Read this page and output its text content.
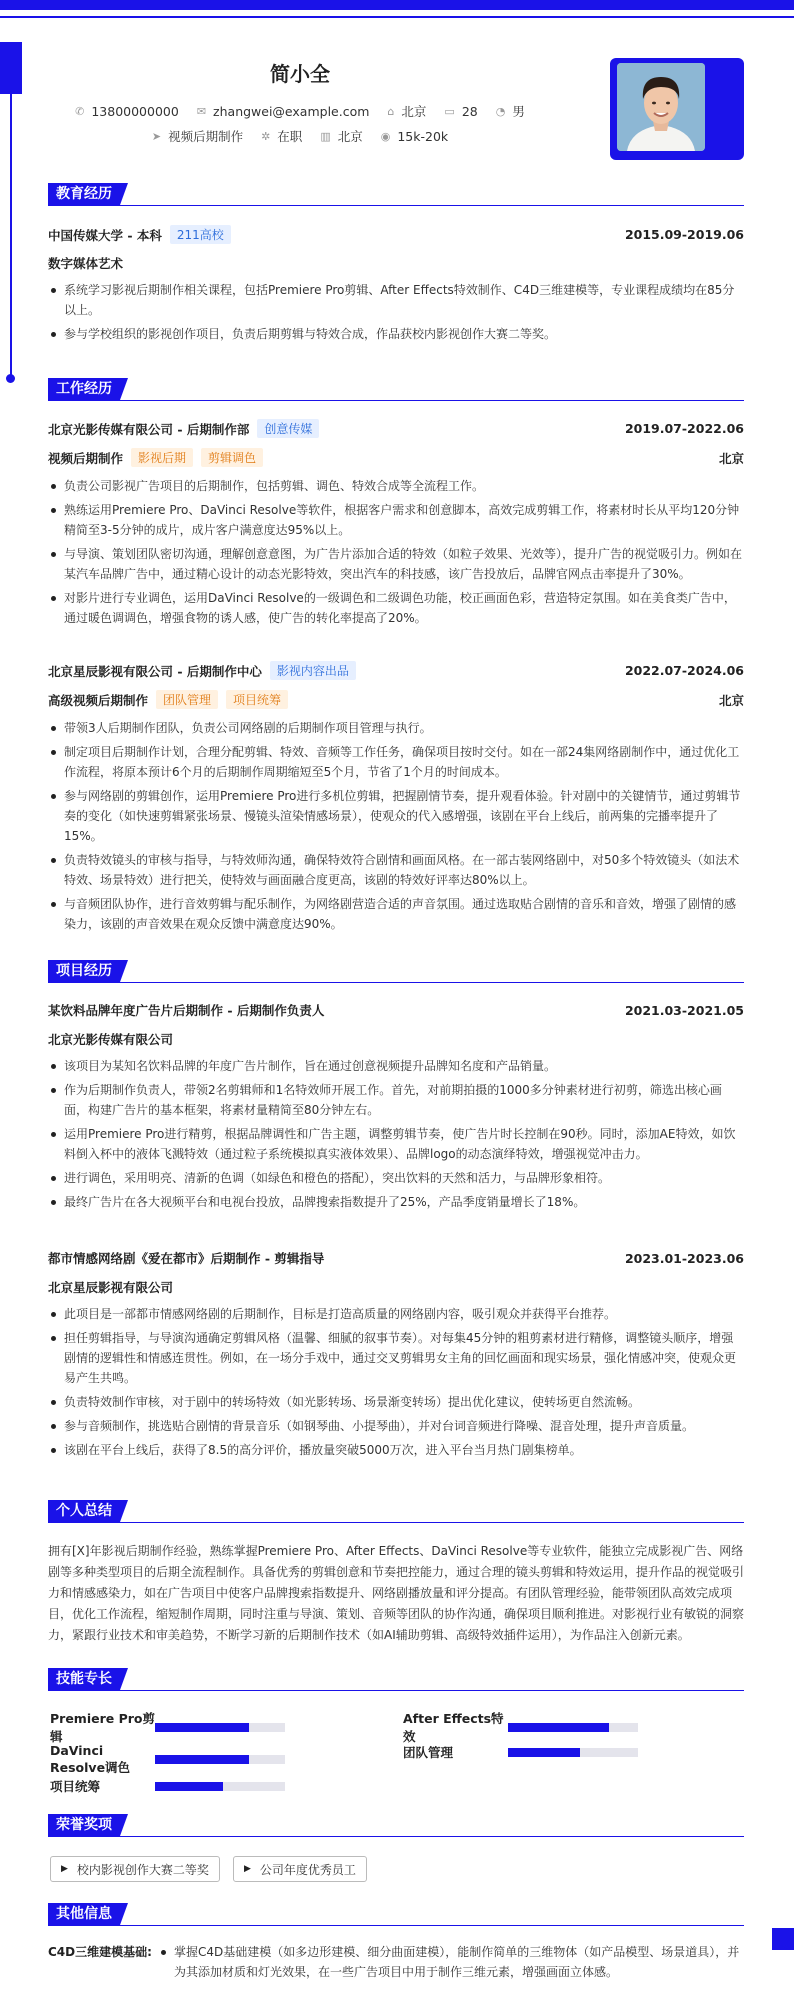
简小全
✆ 13800000000 ✉ zhangwei@example.com ⌂ 北京 ▭ 28 ◔ 男
➤ 视频后期制作 ✲ 在职 ▥ 北京 ◉ 15k-20k
教育经历
中国传媒大学 - 本科	211高校	2015.09-2019.06
数字媒体艺术
系统学习影视后期制作相关课程，包括Premiere Pro剪辑、After Effects特效制作、C4D三维建模等，专业课程成绩均在85分以上。
参与学校组织的影视创作项目，负责后期剪辑与特效合成，作品获校内影视创作大赛二等奖。
工作经历
北京光影传媒有限公司 - 后期制作部	创意传媒	2019.07-2022.06
视频后期制作	影视后期	剪辑调色	北京
负责公司影视广告项目的后期制作，包括剪辑、调色、特效合成等全流程工作。
熟练运用Premiere Pro、DaVinci Resolve等软件，根据客户需求和创意脚本，高效完成剪辑工作，将素材时长从平均120分钟精简至3-5分钟的成片，成片客户满意度达95%以上。
与导演、策划团队密切沟通，理解创意意图，为广告片添加合适的特效（如粒子效果、光效等），提升广告的视觉吸引力。例如在某汽车品牌广告中，通过精心设计的动态光影特效，突出汽车的科技感，该广告投放后，品牌官网点击率提升了30%。
对影片进行专业调色，运用DaVinci Resolve的一级调色和二级调色功能，校正画面色彩，营造特定氛围。如在美食类广告中，通过暖色调调色，增强食物的诱人感，使广告的转化率提高了20%。
北京星辰影视有限公司 - 后期制作中心	影视内容出品	2022.07-2024.06
高级视频后期制作	团队管理	项目统筹	北京
带领3人后期制作团队，负责公司网络剧的后期制作项目管理与执行。
制定项目后期制作计划，合理分配剪辑、特效、音频等工作任务，确保项目按时交付。如在一部24集网络剧制作中，通过优化工作流程，将原本预计6个月的后期制作周期缩短至5个月，节省了1个月的时间成本。
参与网络剧的剪辑创作，运用Premiere Pro进行多机位剪辑，把握剧情节奏，提升观看体验。针对剧中的关键情节，通过剪辑节奏的变化（如快速剪辑紧张场景、慢镜头渲染情感场景），使观众的代入感增强，该剧在平台上线后，前两集的完播率提升了15%。
负责特效镜头的审核与指导，与特效师沟通，确保特效符合剧情和画面风格。在一部古装网络剧中，对50多个特效镜头（如法术特效、场景特效）进行把关，使特效与画面融合度更高，该剧的特效好评率达80%以上。
与音频团队协作，进行音效剪辑与配乐制作，为网络剧营造合适的声音氛围。通过选取贴合剧情的音乐和音效，增强了剧情的感染力，该剧的声音效果在观众反馈中满意度达90%。
项目经历
某饮料品牌年度广告片后期制作 - 后期制作负责人	2021.03-2021.05
北京光影传媒有限公司
该项目为某知名饮料品牌的年度广告片制作，旨在通过创意视频提升品牌知名度和产品销量。
作为后期制作负责人，带领2名剪辑师和1名特效师开展工作。首先，对前期拍摄的1000多分钟素材进行初剪，筛选出核心画面，构建广告片的基本框架，将素材量精简至80分钟左右。
运用Premiere Pro进行精剪，根据品牌调性和广告主题，调整剪辑节奏，使广告片时长控制在90秒。同时，添加AE特效，如饮料倒入杯中的液体飞溅特效（通过粒子系统模拟真实液体效果）、品牌logo的动态演绎特效，增强视觉冲击力。
进行调色，采用明亮、清新的色调（如绿色和橙色的搭配），突出饮料的天然和活力，与品牌形象相符。
最终广告片在各大视频平台和电视台投放，品牌搜索指数提升了25%，产品季度销量增长了18%。
都市情感网络剧《爱在都市》后期制作 - 剪辑指导	2023.01-2023.06
北京星辰影视有限公司
此项目是一部都市情感网络剧的后期制作，目标是打造高质量的网络剧内容，吸引观众并获得平台推荐。
担任剪辑指导，与导演沟通确定剪辑风格（温馨、细腻的叙事节奏）。对每集45分钟的粗剪素材进行精修，调整镜头顺序，增强剧情的逻辑性和情感连贯性。例如，在一场分手戏中，通过交叉剪辑男女主角的回忆画面和现实场景，强化情感冲突，使观众更易产生共鸣。
负责特效制作审核，对于剧中的转场特效（如光影转场、场景渐变转场）提出优化建议，使转场更自然流畅。
参与音频制作，挑选贴合剧情的背景音乐（如钢琴曲、小提琴曲），并对台词音频进行降噪、混音处理，提升声音质量。
该剧在平台上线后，获得了8.5的高分评价，播放量突破5000万次，进入平台当月热门剧集榜单。
个人总结
拥有[X]年影视后期制作经验，熟练掌握Premiere Pro、After Effects、DaVinci Resolve等专业软件，能独立完成影视广告、网络剧等多种类型项目的后期全流程制作。具备优秀的剪辑创意和节奏把控能力，通过合理的镜头剪辑和特效运用，提升作品的视觉吸引力和情感感染力，如在广告项目中使客户品牌搜索指数提升、网络剧播放量和评分提高。有团队管理经验，能带领团队高效完成项目，优化工作流程，缩短制作周期，同时注重与导演、策划、音频等团队的协作沟通，确保项目顺利推进。对影视行业有敏锐的洞察力，紧跟行业技术和审美趋势，不断学习新的后期制作技术（如AI辅助剪辑、高级特效插件运用），为作品注入创新元素。
技能专长
Premiere Pro剪辑
After Effects特效
DaVinci Resolve调色
团队管理
项目统筹
荣誉奖项
▶ 校内影视创作大赛二等奖	▶ 公司年度优秀员工
其他信息
C4D三维建模基础:	掌握C4D基础建模（如多边形建模、细分曲面建模），能制作简单的三维物体（如产品模型、场景道具），并为其添加材质和灯光效果，在一些广告项目中用于制作三维元素，增强画面立体感。
